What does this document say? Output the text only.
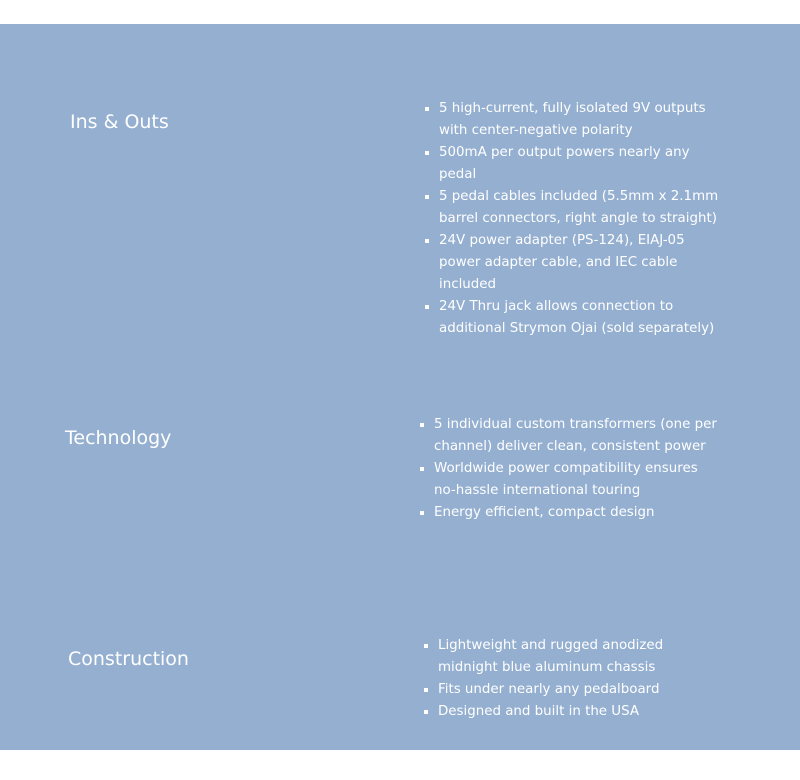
Ins & Outs
5 high-current, fully isolated 9V outputs with center-negative polarity
500mA per output powers nearly any pedal
5 pedal cables included (5.5mm x 2.1mm barrel connectors, right angle to straight)
24V power adapter (PS-124), EIAJ-05 power adapter cable, and IEC cable included
24V Thru jack allows connection to additional Strymon Ojai (sold separately)
Technology
5 individual custom transformers (one per channel) deliver clean, consistent power
Worldwide power compatibility ensures no-hassle international touring
Energy efficient, compact design
Construction
Lightweight and rugged anodized midnight blue aluminum chassis
Fits under nearly any pedalboard
Designed and built in the USA
